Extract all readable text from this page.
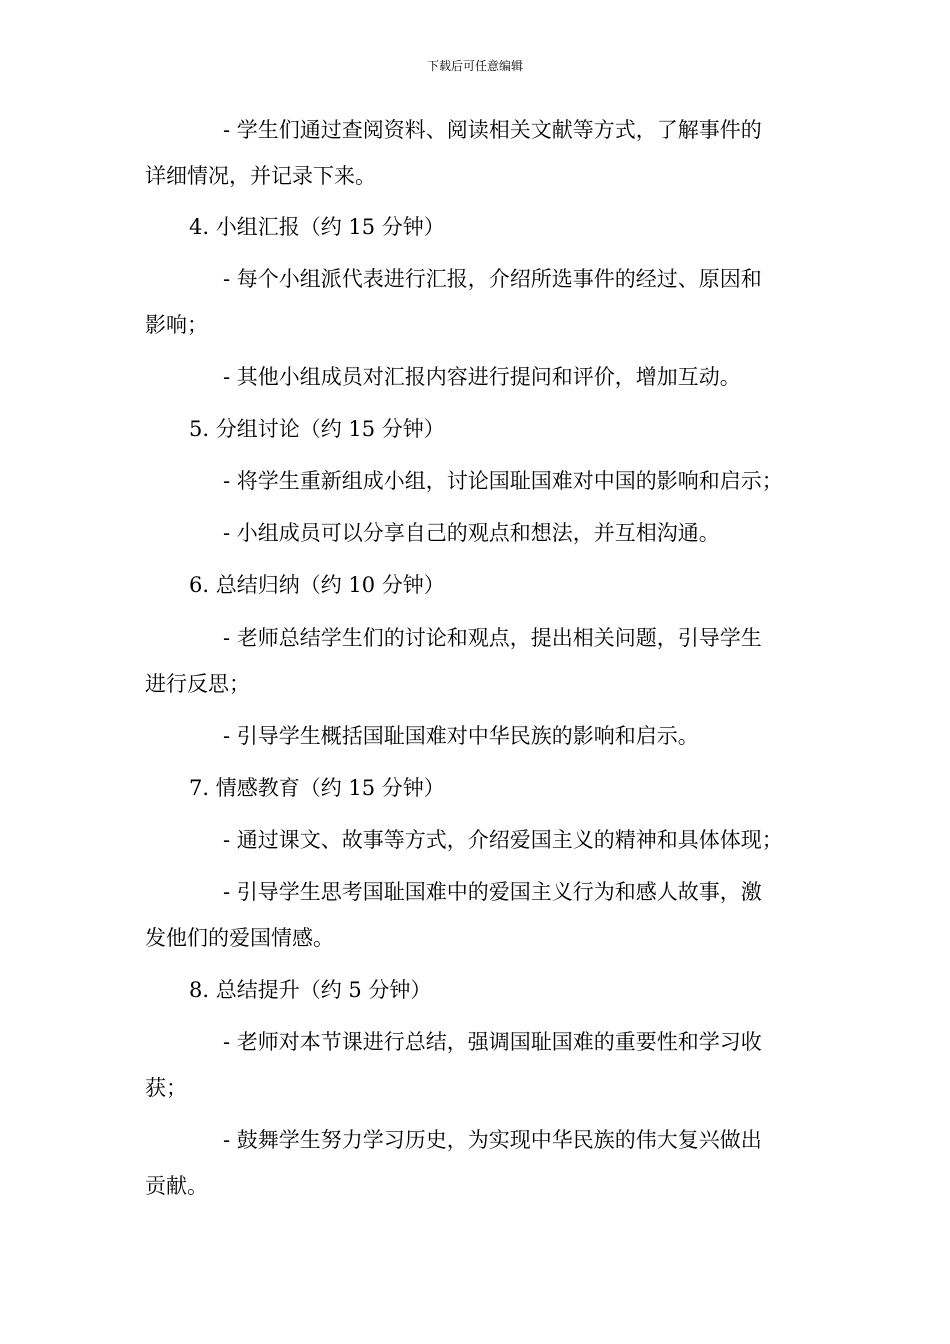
下载后可任意编辑
- 学生们通过查阅资料、阅读相关文献等方式，了解事件的
详细情况，并记录下来。
4. 小组汇报（约 15 分钟）
- 每个小组派代表进行汇报，介绍所选事件的经过、原因和
影响；
- 其他小组成员对汇报内容进行提问和评价，增加互动。
5. 分组讨论（约 15 分钟）
- 将学生重新组成小组，讨论国耻国难对中国的影响和启示；
- 小组成员可以分享自己的观点和想法，并互相沟通。
6. 总结归纳（约 10 分钟）
- 老师总结学生们的讨论和观点，提出相关问题，引导学生
进行反思；
- 引导学生概括国耻国难对中华民族的影响和启示。
7. 情感教育（约 15 分钟）
- 通过课文、故事等方式，介绍爱国主义的精神和具体体现；
- 引导学生思考国耻国难中的爱国主义行为和感人故事，激
发他们的爱国情感。
8. 总结提升（约 5 分钟）
- 老师对本节课进行总结，强调国耻国难的重要性和学习收
获；
- 鼓舞学生努力学习历史，为实现中华民族的伟大复兴做出
贡献。
